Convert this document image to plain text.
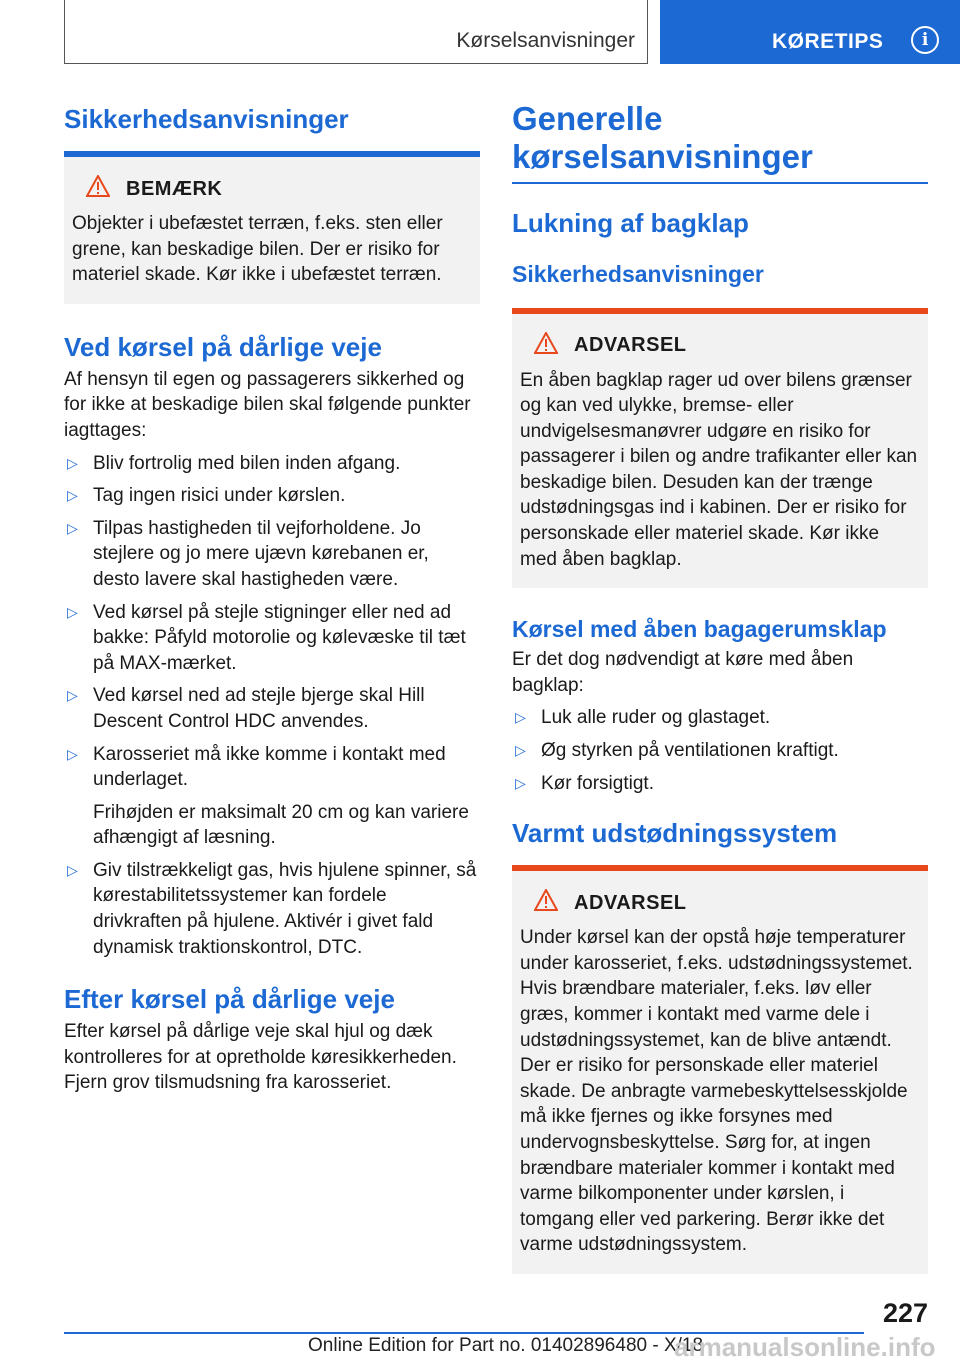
Kørselsanvisninger	KØRETIPS	i
Sikkerhedsanvisninger
BEMÆRK

Objekter i ubefæstet terræn, f.eks. sten eller grene, kan beskadige bilen. Der er risiko for materiel skade. Kør ikke i ubefæstet terræn.

Ved kørsel på dårlige veje

Af hensyn til egen og passagerers sikkerhed og for ikke at beskadige bilen skal følgende punkter iagttages:

▷ Bliv fortrolig med bilen inden afgang.
▷ Tag ingen risici under kørslen.
▷ Tilpas hastigheden til vejforholdene. Jo stejlere og jo mere ujævn kørebanen er, desto lavere skal hastigheden være.
▷ Ved kørsel på stejle stigninger eller ned ad bakke: Påfyld motorolie og kølevæske til tæt på MAX-mærket.
▷ Ved kørsel ned ad stejle bjerge skal Hill Descent Control HDC anvendes.
▷ Karosseriet må ikke komme i kontakt med underlaget.
Frihøjden er maksimalt 20 cm og kan variere afhængigt af læsning.
▷ Giv tilstrækkeligt gas, hvis hjulene spinner, så kørestabilitetssystemer kan fordele drivkraften på hjulene. Aktivér i givet fald dynamisk traktionskontrol, DTC.
Efter kørsel på dårlige veje

Efter kørsel på dårlige veje skal hjul og dæk kontrolleres for at opretholde køresikkerheden. Fjern grov tilsmudsning fra karosseriet.

Generelle kørselsanvisninger
Lukning af bagklap
Sikkerhedsanvisninger
ADVARSEL

En åben bagklap rager ud over bilens grænser og kan ved ulykke, bremse- eller undvigelsesmanøvrer udgøre en risiko for passagerer i bilen og andre trafikanter eller kan beskadige bilen. Desuden kan der trænge udstødningsgas ind i kabinen. Der er risiko for personskade eller materiel skade. Kør ikke med åben bagklap.

Kørsel med åben bagagerumsklap

Er det dog nødvendigt at køre med åben bagklap:

▷ Luk alle ruder og glastaget.
▷ Øg styrken på ventilationen kraftigt.
▷ Kør forsigtigt.
Varmt udstødningssystem
ADVARSEL

Under kørsel kan der opstå høje temperaturer under karosseriet, f.eks. udstødningssystemet. Hvis brændbare materialer, f.eks. løv eller græs, kommer i kontakt med varme dele i udstødningssystemet, kan de blive antændt. Der er risiko for personskade eller materiel skade. De anbragte varmebeskyttelsesskjolde må ikke fjernes og ikke forsynes med undervognsbeskyttelse. Sørg for, at ingen brændbare materialer kommer i kontakt med varme bilkomponenter under kørslen, i tomgang eller ved parkering. Berør ikke det varme udstødningssystem.

227
Online Edition for Part no. 01402896480 - X/18
armanualsonline.info
